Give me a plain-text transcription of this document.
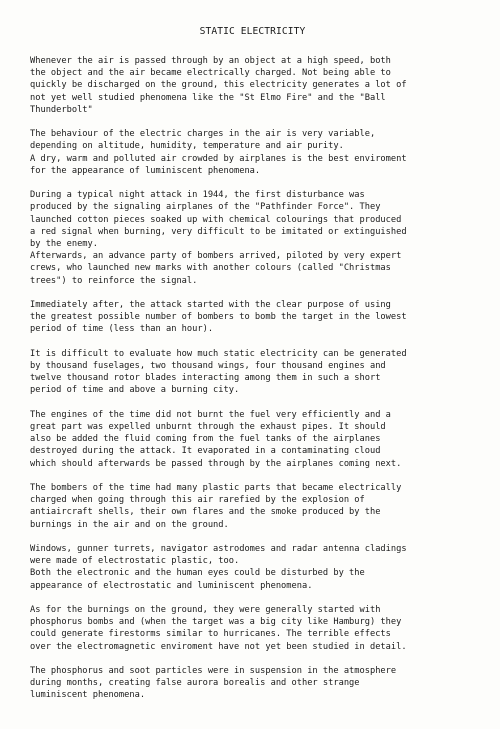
STATIC ELECTRICITY

Whenever the air is passed through by an object at a high speed, both
the object and the air became electrically charged. Not being able to
quickly be discharged on the ground, this electricity generates a lot of
not yet well studied phenomena like the "St Elmo Fire" and the "Ball
Thunderbolt"

The behaviour of the electric charges in the air is very variable,
depending on altitude, humidity, temperature and air purity.
A dry, warm and polluted air crowded by airplanes is the best enviroment
for the appearance of luminiscent phenomena.

During a typical night attack in 1944, the first disturbance was
produced by the signaling airplanes of the "Pathfinder Force". They
launched cotton pieces soaked up with chemical colourings that produced
a red signal when burning, very difficult to be imitated or extinguished
by the enemy.
Afterwards, an advance party of bombers arrived, piloted by very expert
crews, who launched new marks with another colours (called "Christmas
trees") to reinforce the signal.

Immediately after, the attack started with the clear purpose of using
the greatest possible number of bombers to bomb the target in the lowest
period of time (less than an hour).

It is difficult to evaluate how much static electricity can be generated
by thousand fuselages, two thousand wings, four thousand engines and
twelve thousand rotor blades interacting among them in such a short
period of time and above a burning city.

The engines of the time did not burnt the fuel very efficiently and a
great part was expelled unburnt through the exhaust pipes. It should
also be added the fluid coming from the fuel tanks of the airplanes
destroyed during the attack. It evaporated in a contaminating cloud
which should afterwards be passed through by the airplanes coming next.

The bombers of the time had many plastic parts that became electrically
charged when going through this air rarefied by the explosion of
antiaircraft shells, their own flares and the smoke produced by the
burnings in the air and on the ground.

Windows, gunner turrets, navigator astrodomes and radar antenna cladings
were made of electrostatic plastic, too.
Both the electronic and the human eyes could be disturbed by the
appearance of electrostatic and luminiscent phenomena.

As for the burnings on the ground, they were generally started with
phosphorus bombs and (when the target was a big city like Hamburg) they
could generate firestorms similar to hurricanes. The terrible effects
over the electromagnetic enviroment have not yet been studied in detail.

The phosphorus and soot particles were in suspension in the atmosphere
during months, creating false aurora borealis and other strange
luminiscent phenomena.
